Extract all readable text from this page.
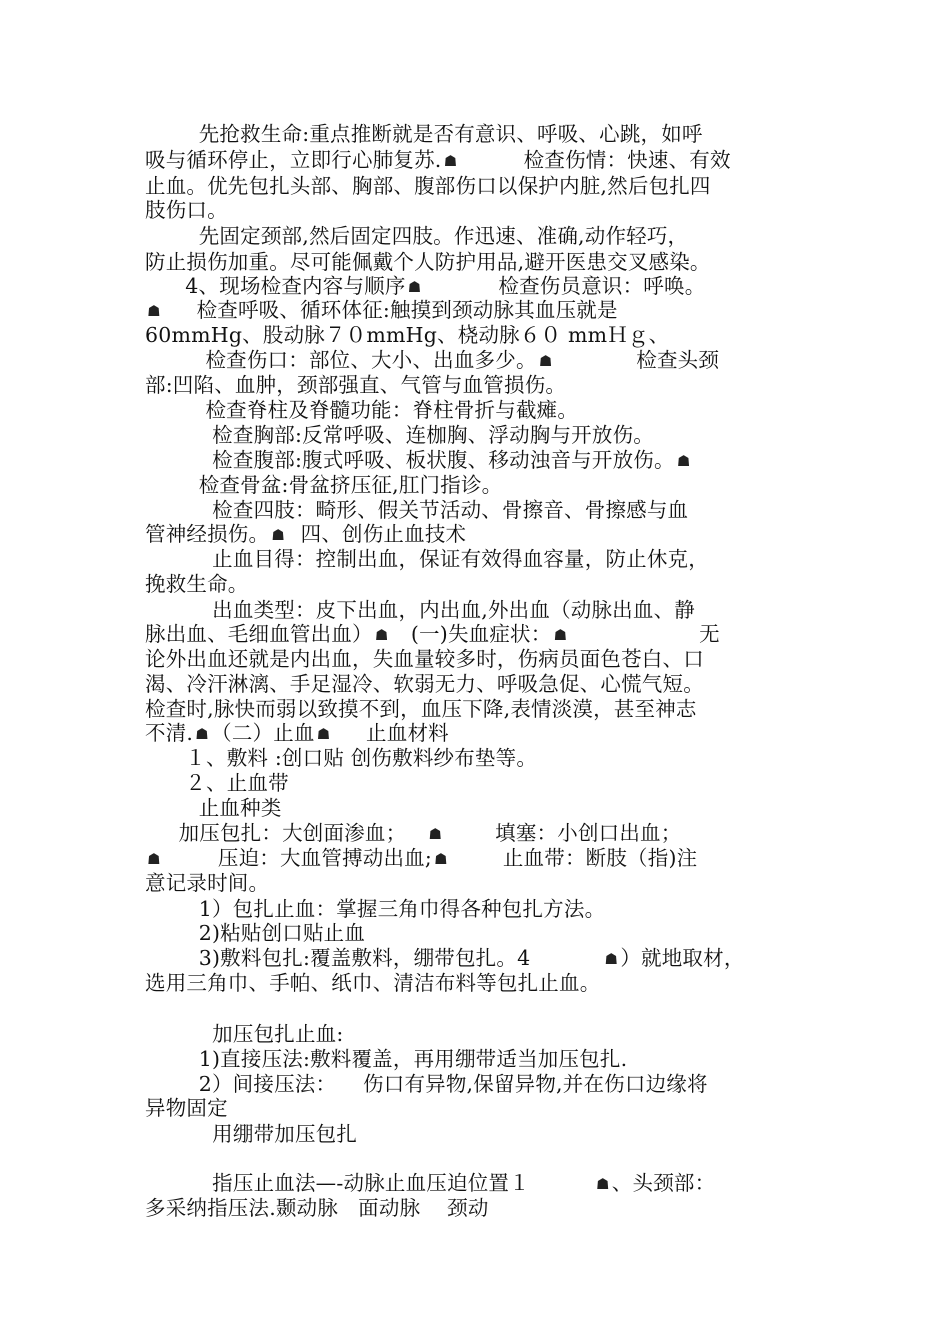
先抢救生命:重点推断就是否有意识、呼吸、心跳，如呼
吸与循环停止，立即行心肺复苏. ☗   检查伤情：快速、有效
止血。优先包扎头部、胸部、腹部伤口以保护内脏,然后包扎四
肢伤口。
先固定颈部,然后固定四肢。作迅速、准确,动作轻巧，
防止损伤加重。尽可能佩戴个人防护用品,避开医患交叉感染。
4、现场检查内容与顺序 ☗    检查伤员意识：呼唤。
☗     检查呼吸、循环体征:触摸到颈动脉其血压就是
60mmHg、股动脉７０mmHg、桡动脉６０ mmＨｇ、
检查伤口：部位、大小、出血多少。 ☗     检查头颈
部:凹陷、血肿，颈部强直、气管与血管损伤。
检查脊柱及脊髓功能：脊柱骨折与截瘫。
检查胸部:反常呼吸、连枷胸、浮动胸与开放伤。
检查腹部:腹式呼吸、板状腹、移动浊音与开放伤。 ☗
检查骨盆:骨盆挤压征,肛门指诊。
检查四肢：畸形、假关节活动、骨擦音、骨擦感与血
管神经损伤。 ☗  四、创伤止血技术
止血目得：控制出血，保证有效得血容量，防止休克，
挽救生命。
出血类型：皮下出血，内出血,外出血（动脉出血、静
脉出血、毛细血管出血） ☗   (一)失血症状： ☗	无
论外出血还就是内出血，失血量较多时，伤病员面色苍白、口
渴、冷汗淋漓、手足湿冷、软弱无力、呼吸急促、心慌气短。
检查时,脉快而弱以致摸不到，血压下降,表情淡漠，甚至神志
不清. ☗ （二）止血 ☗  止血材料
１、敷料 :创口贴 创伤敷料纱布垫等。
２、止血带
止血种类
加压包扎：大创面渗血； ☗    填塞：小创口出血；
☗    压迫：大血管搏动出血; ☗    止血带：断肢（指)注
意记录时间。
1）包扎止血：掌握三角巾得各种包扎方法。
2)粘贴创口贴止血
3)敷料包扎:覆盖敷料，绷带包扎。4	☗ ）就地取材，
选用三角巾、手帕、纸巾、清洁布料等包扎止血。
加压包扎止血:
1)直接压法:敷料覆盖，再用绷带适当加压包扎.
2）间接压法：    伤口有异物,保留异物,并在伤口边缘将
异物固定
用绷带加压包扎
指压止血法—-动脉止血压迫位置１	☗ 、头颈部：
多采纳指压法.颞动脉   面动脉    颈动
